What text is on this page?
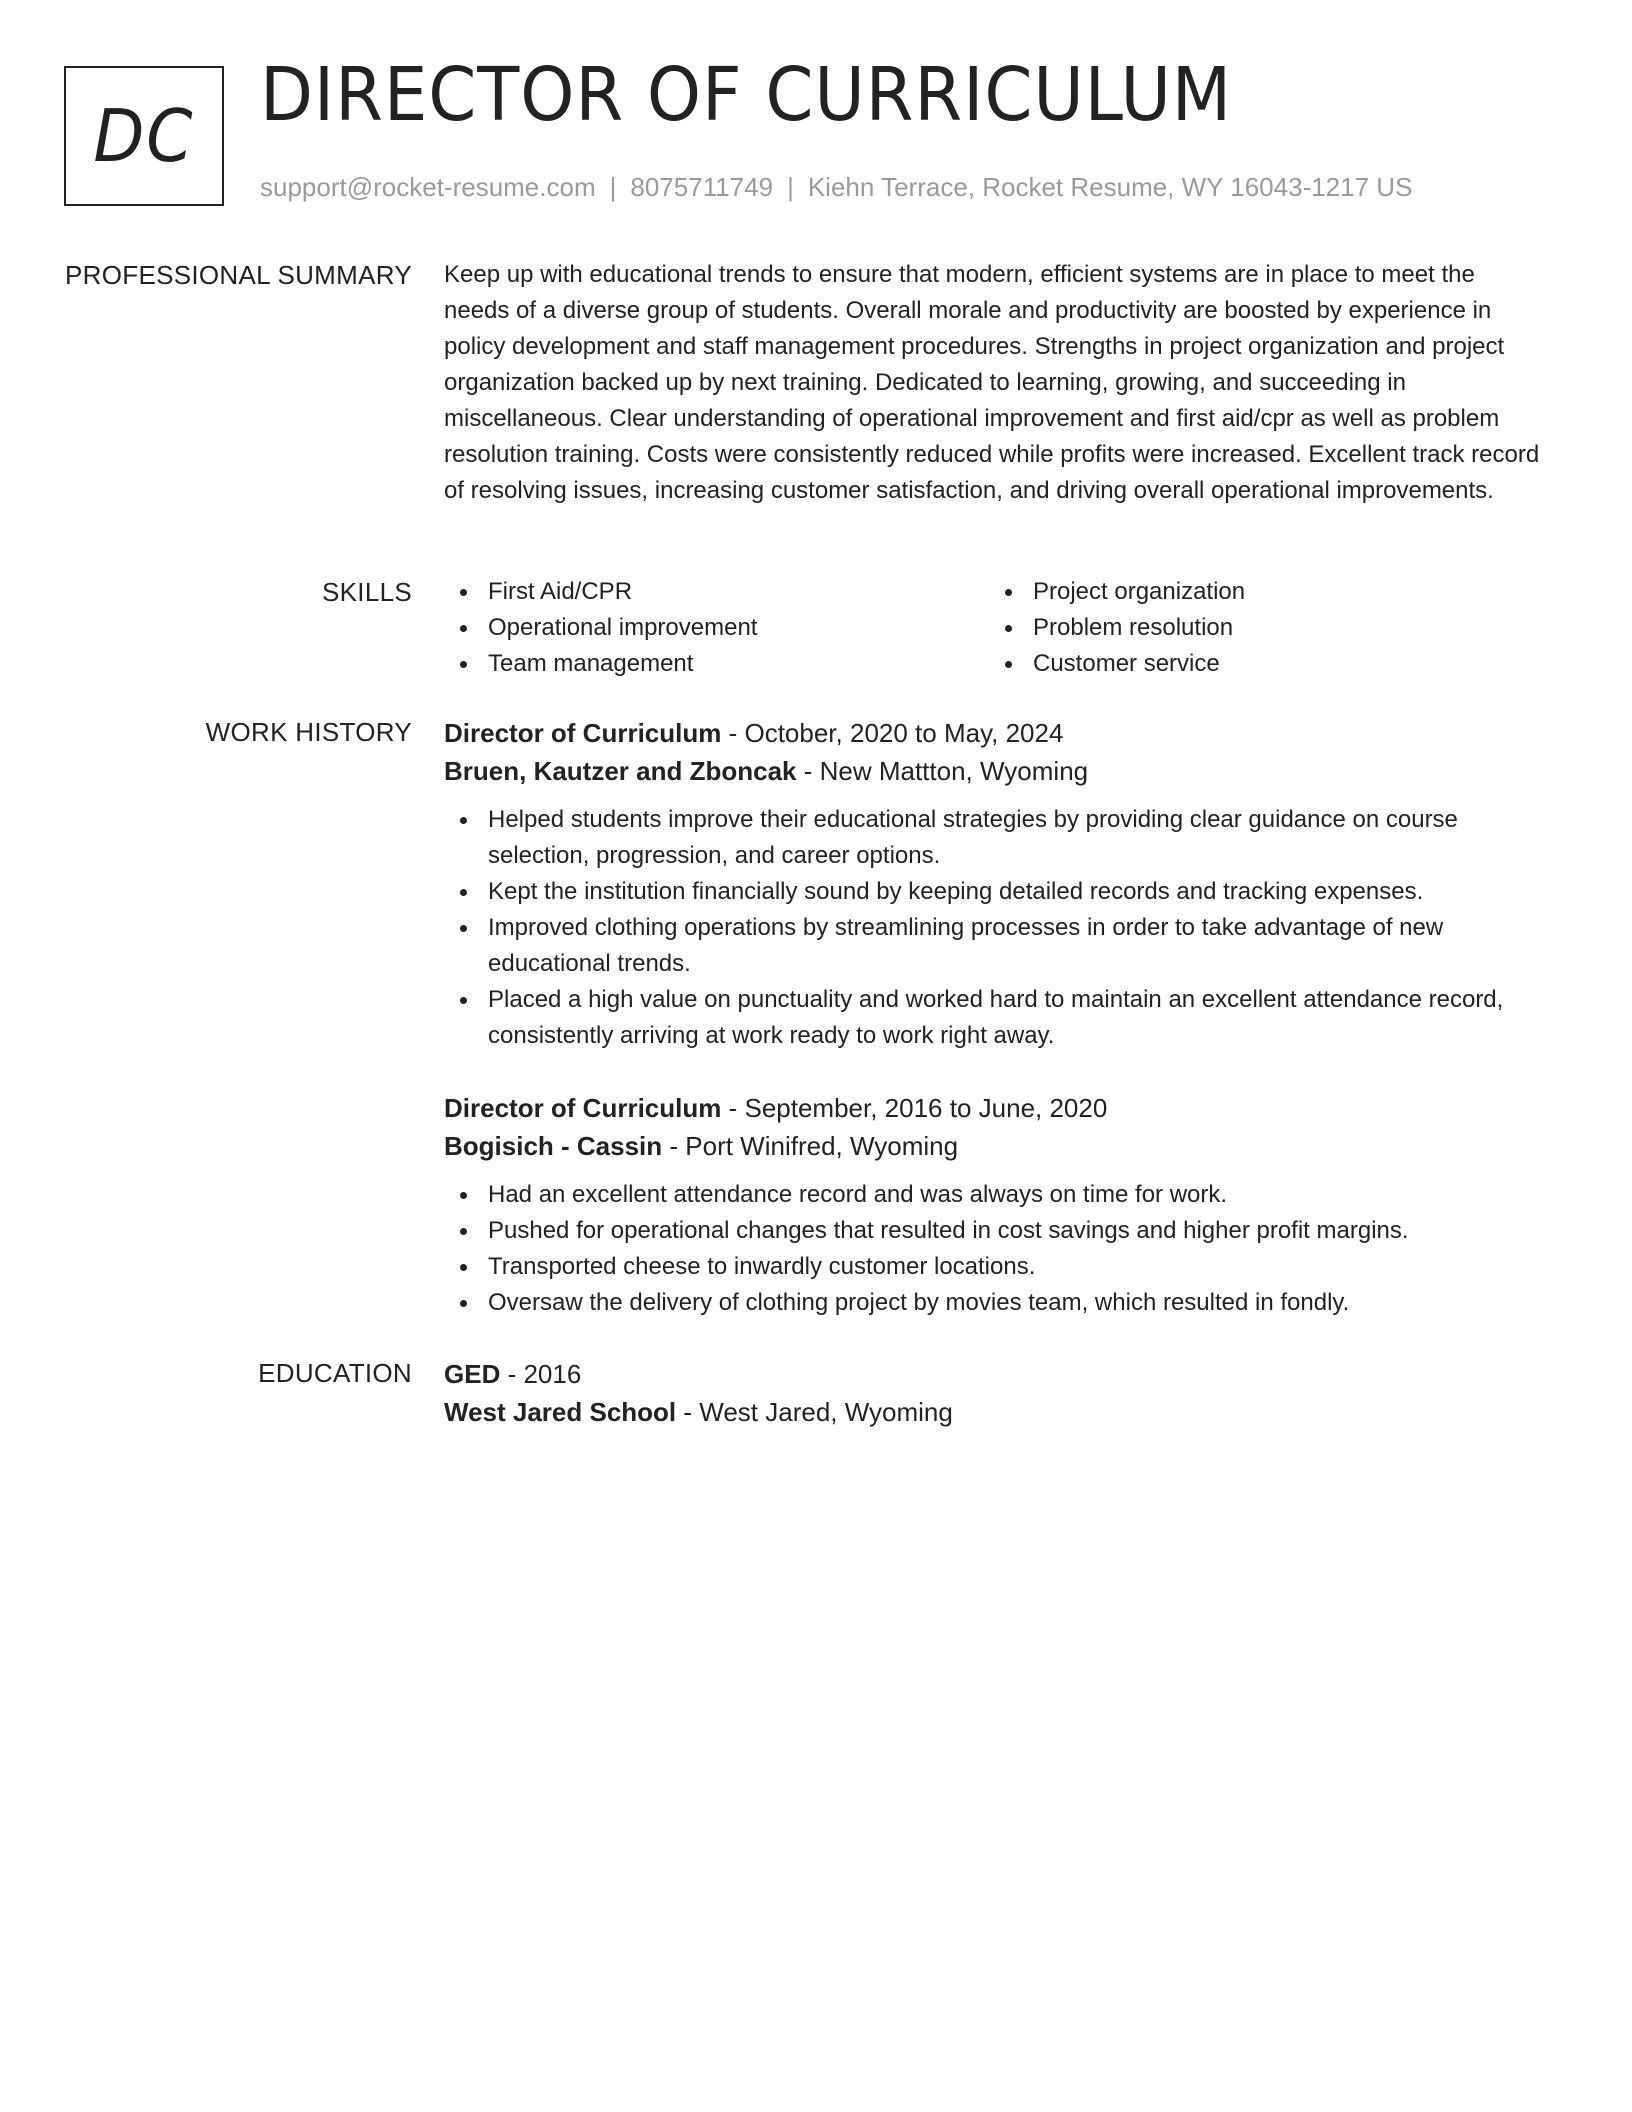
DC DIRECTOR OF CURRICULUM
support@rocket-resume.com | 8075711749 | Kiehn Terrace, Rocket Resume, WY 16043-1217 US
PROFESSIONAL SUMMARY Keep up with educational trends to ensure that modern, efficient systems are in place to meet the needs of a diverse group of students. Overall morale and productivity are boosted by experience in policy development and staff management procedures. Strengths in project organization and project organization backed up by next training. Dedicated to learning, growing, and succeeding in miscellaneous. Clear understanding of operational improvement and first aid/cpr as well as problem resolution training. Costs were consistently reduced while profits were increased. Excellent track record of resolving issues, increasing customer satisfaction, and driving overall operational improvements.

SKILLS	First Aid/CPR
Operational improvement
Team management
Project organization
Problem resolution
Customer service
WORK HISTORY Director of Curriculum - October, 2020 to May, 2024
Bruen, Kautzer and Zboncak - New Mattton, Wyoming
Helped students improve their educational strategies by providing clear guidance on course selection, progression, and career options.
Kept the institution financially sound by keeping detailed records and tracking expenses.
Improved clothing operations by streamlining processes in order to take advantage of new educational trends.
Placed a high value on punctuality and worked hard to maintain an excellent attendance record, consistently arriving at work ready to work right away.
Director of Curriculum - September, 2016 to June, 2020
Bogisich - Cassin - Port Winifred, Wyoming
Had an excellent attendance record and was always on time for work.
Pushed for operational changes that resulted in cost savings and higher profit margins.
Transported cheese to inwardly customer locations.
Oversaw the delivery of clothing project by movies team, which resulted in fondly.
EDUCATION GED - 2016
West Jared School - West Jared, Wyoming
